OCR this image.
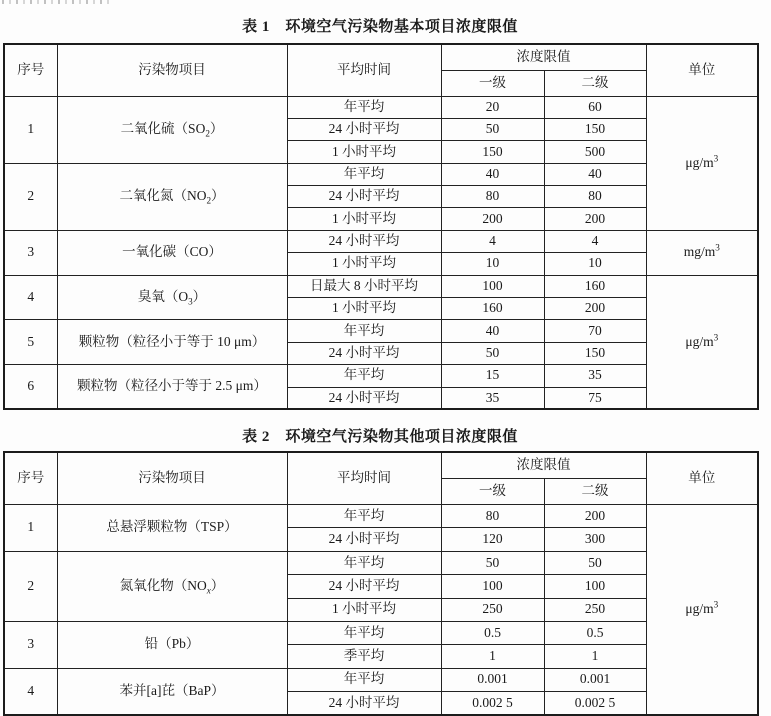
表 1　环境空气污染物基本项目浓度限值
序号	污染物项目	平均时间	浓度限值		单位
			一级	二级	
1	二氧化硫$(SO_2)$	年平均	20	60	$\mu g/m^3$
		24 小时平均	50	150	
		1 小时平均	150	500	
2	二氧化氮$(NO_2)$	年平均	40	40	
		24 小时平均	80	80	
		1 小时平均	200	200	
3	一氧化碳（CO）	24 小时平均	4	4	$mg/m^3$
		1 小时平均	10	10	
4	臭氧$(O_3)$	日最大 8 小时平均	100	160	$\mu g/m^3$
		1 小时平均	160	200	
5	颗粒物（粒径小于等于 10 μm）	年平均	40	70	
		24 小时平均	50	150	
6	颗粒物（粒径小于等于 2.5 μm）	年平均	15	35	
		24 小时平均	35	75	
表 2　环境空气污染物其他项目浓度限值
序号	污染物项目	平均时间	浓度限值		单位
			一级	二级	
1	总悬浮颗粒物（TSP）	年平均	80	200	$\mu g/m^3$
		24 小时平均	120	300	
2	氮氧化物$(NO_x)$	年平均	50	50	
		24 小时平均	100	100	
		1 小时平均	250	250	
3	铅（Pb）	年平均	0.5	0.5	
		季平均	1	1	
4	苯并[a]芘（BaP）	年平均	0.001	0.001	
		24 小时平均	0.002 5	0.002 5	
